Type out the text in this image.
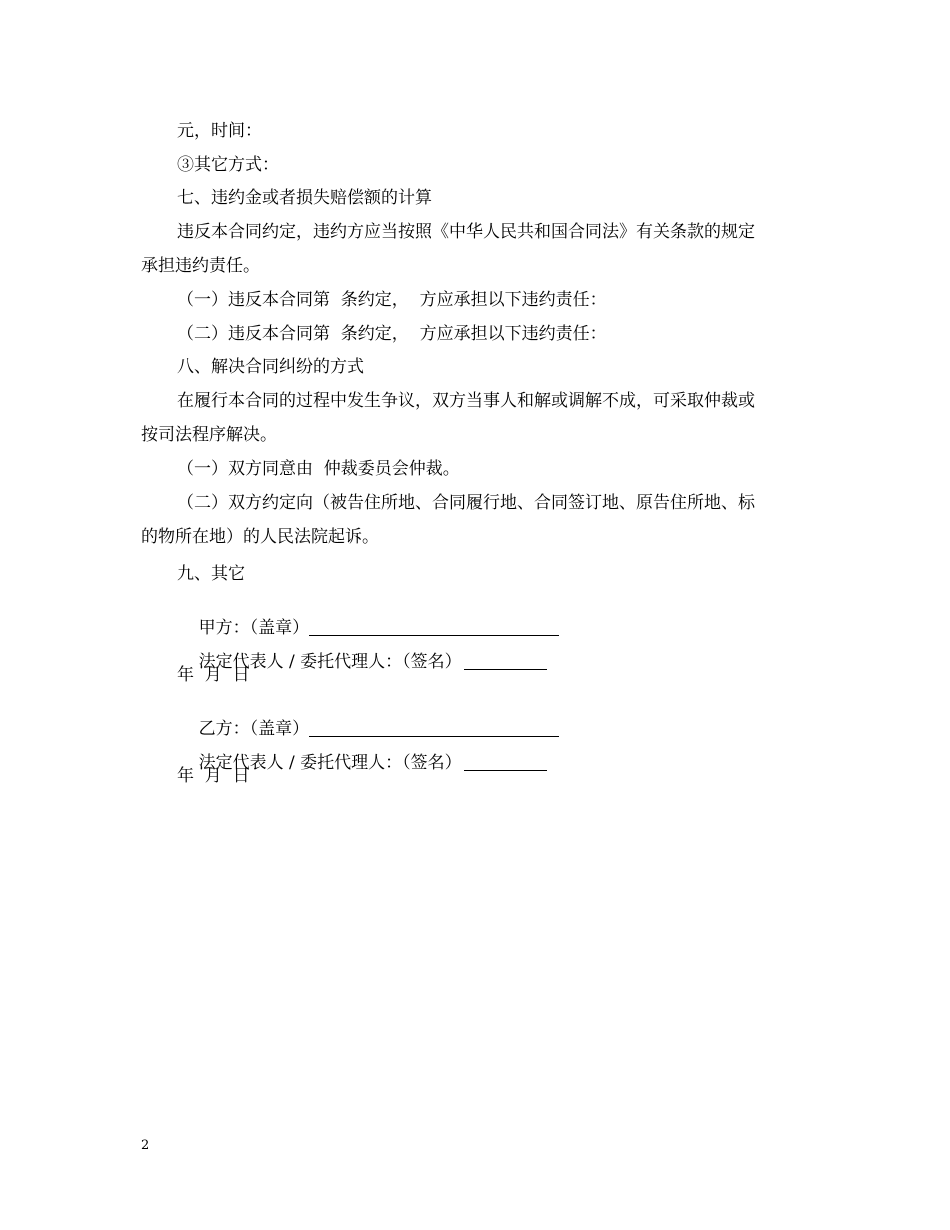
元，时间：

③其它方式：

七、违约金或者损失赔偿额的计算

违反本合同约定，违约方应当按照《中华人民共和国合同法》有关条款的规定

承担违约责任。

（一）违反本合同第  条约定，  方应承担以下违约责任：

（二）违反本合同第  条约定，  方应承担以下违约责任：

八、解决合同纠纷的方式

在履行本合同的过程中发生争议，双方当事人和解或调解不成，可采取仲裁或

按司法程序解决。

（一）双方同意由  仲裁委员会仲裁。

（二）双方约定向（被告住所地、合同履行地、合同签订地、原告住所地、标

的物所在地）的人民法院起诉。

九、其它

甲方：（盖章）

法定代表人 / 委托代理人：（签名）

年  月  日

乙方：（盖章）

法定代表人 / 委托代理人：（签名）

年  月  日

2
